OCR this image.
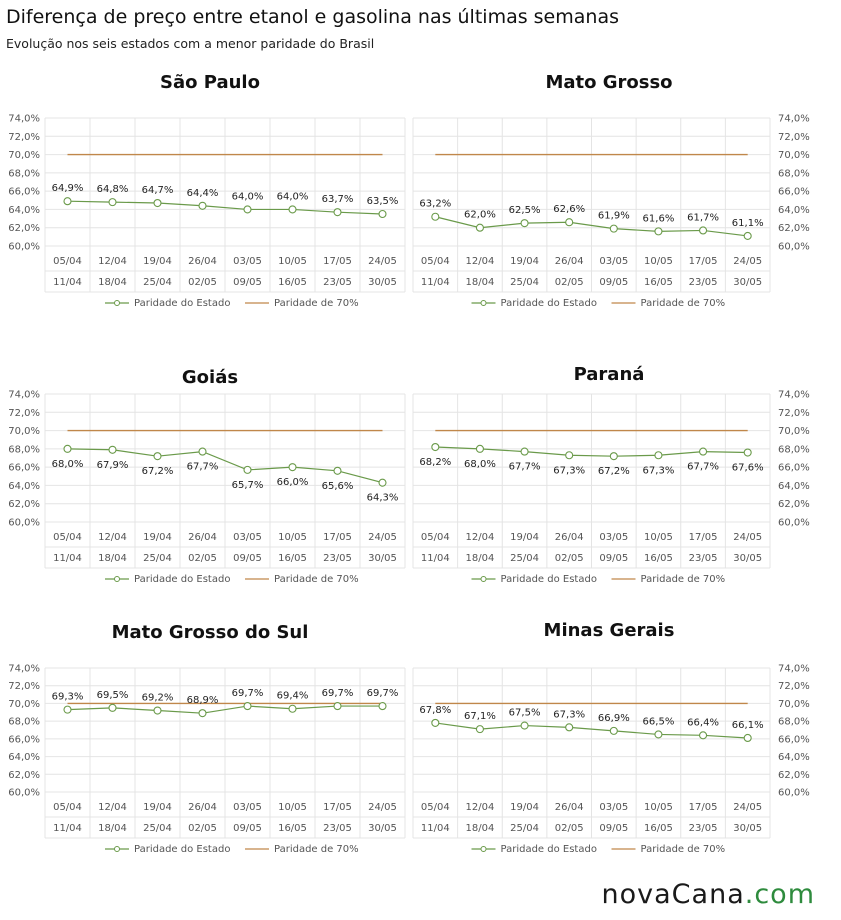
Diferença de preço entre etanol e gasolina nas últimas semanas
Evolução nos seis estados com a menor paridade do Brasil
São Paulo
60,0%
62,0%
64,0%
66,0%
68,0%
70,0%
72,0%
74,0%
05/04
11/04
12/04
18/04
19/04
25/04
26/04
02/05
03/05
09/05
10/05
16/05
17/05
23/05
24/05
30/05
64,9% 64,8% 64,7% 64,4% 64,0% 64,0% 63,7% 63,5%
Paridade do Estado	Paridade de 70%
Mato Grosso
60,0%
62,0%
64,0%
66,0%
68,0%
70,0%
72,0%
74,0%
05/04
11/04
12/04
18/04
19/04
25/04
26/04
02/05
03/05
09/05
10/05
16/05
17/05
23/05
24/05
30/05
63,2%
62,0% 62,5% 62,6%
61,9% 61,6% 61,7% 61,1%
Paridade do Estado	Paridade de 70%
Goiás
60,0%
62,0%
64,0%
66,0%
68,0%
70,0%
72,0%
74,0%
05/04
11/04
12/04
18/04
19/04
25/04
26/04
02/05
03/05
09/05
10/05
16/05
17/05
23/05
24/05
30/05
68,0% 67,9%
67,2% 67,7%
65,7% 66,0% 65,6%
64,3%
Paridade do Estado	Paridade de 70%
Paraná
60,0%
62,0%
64,0%
66,0%
68,0%
70,0%
72,0%
74,0%
05/04
11/04
12/04
18/04
19/04
25/04
26/04
02/05
03/05
09/05
10/05
16/05
17/05
23/05
24/05
30/05
68,2% 68,0% 67,7% 67,3% 67,2% 67,3% 67,7% 67,6%
Paridade do Estado	Paridade de 70%
Mato Grosso do Sul
60,0%
62,0%
64,0%
66,0%
68,0%
70,0%
72,0%
74,0%
05/04
11/04
12/04
18/04
19/04
25/04
26/04
02/05
03/05
09/05
10/05
16/05
17/05
23/05
24/05
30/05
69,3% 69,5% 69,2% 68,9%
69,7% 69,4% 69,7% 69,7%
Paridade do Estado	Paridade de 70%
Minas Gerais
60,0%
62,0%
64,0%
66,0%
68,0%
70,0%
72,0%
74,0%
05/04
11/04
12/04
18/04
19/04
25/04
26/04
02/05
03/05
09/05
10/05
16/05
17/05
23/05
24/05
30/05
67,8%
67,1% 67,5% 67,3% 66,9% 66,5% 66,4% 66,1%
Paridade do Estado	Paridade de 70%
novaCana.com
